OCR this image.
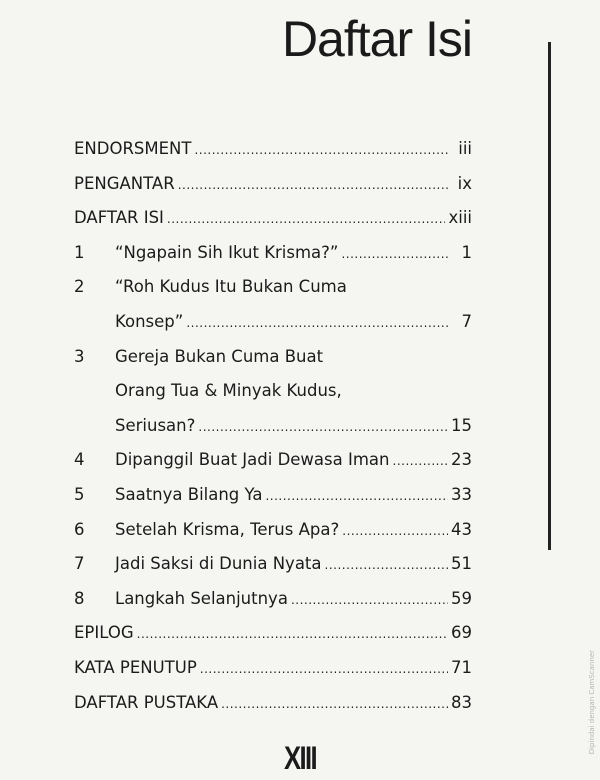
Daftar Isi
ENDORSMENT .....	iii
PENGANTAR .....	ix
DAFTAR ISI .....	xiii
1	“Ngapain Sih Ikut Krisma?” .....	1
2	“Roh Kudus Itu Bukan Cuma
Konsep” .....	7
3	Gereja Bukan Cuma Buat
Orang Tua & Minyak Kudus,
Seriusan? .....	15
4	Dipanggil Buat Jadi Dewasa Iman .....	23
5	Saatnya Bilang Ya .....	33
6	Setelah Krisma, Terus Apa? .....	43
7	Jadi Saksi di Dunia Nyata .....	51
8	Langkah Selanjutnya .....	59
EPILOG .....	69
KATA PENUTUP .....	71
DAFTAR PUSTAKA .....	83
XIII
Dipindai dengan CamScanner
